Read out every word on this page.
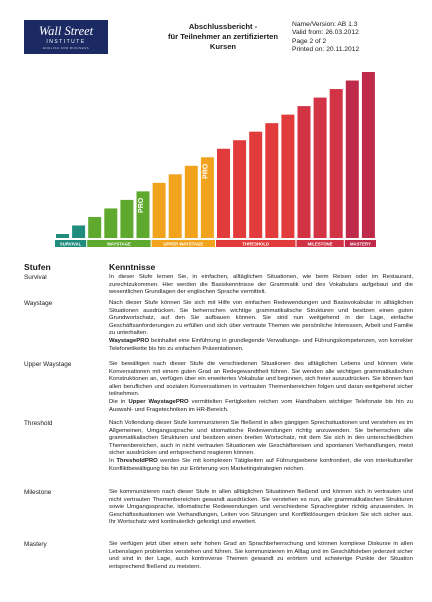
Wall Street
INSTITUTE
ENGLISH FOR BUSINESS
Abschlussbericht -
für Teilnehmer an zertifizierten Kursen
Name/Version: AB 1.3
Valid from: 26.03.2012
Page 2 of 2
Printed on: 20.11.2012
PRO
PRO
SURVIVAL	WAYSTAGE	UPPER WAYSTAGE	THRESHOLD	MILESTONE	MASTERY
Stufen	Kenntnisse
Survival	In dieser Stufe lernen Sie, in einfachen, alltäglichen Situationen, wie beim Reisen oder im Restaurant, zurechtzukommen. Hier werden die Basiskenntnisse der Grammatik und des Vokabulars aufgebaut und die wesentlichen Grundlagen der englischen Sprache vermittelt.

Waystage	Nach dieser Stufe können Sie sich mit Hilfe von einfachen Redewendungen und Basisvokabular in alltäglichen Situationen ausdrücken. Sie beherrschen wichtige grammatikalische Strukturen und besitzen einen guten Grundwortschatz, auf den Sie aufbauen können. Sie sind nun weitgehend in der Lage, einfache Geschäftsanforderungen zu erfüllen und sich über vertraute Themen wie persönliche Interessen, Arbeit und Familie zu unterhalten.

WaystagePRO beinhaltet eine Einführung in grundlegende Verwaltungs- und Führungskompetenzen, von korrekter Telefonetikette bis hin zu einfachen Präsentationen.

Upper Waystage	Sie bewältigen nach dieser Stufe die verschiedenen Situationen des alltäglichen Lebens und können viele Konversationen mit einem guten Grad an Redegewandtheit führen. Sie wenden alle wichtigen grammatikalischen Konstruktionen an, verfügen über ein erweitertes Vokabular und beginnen, sich freier auszudrücken. Sie können fast allen beruflichen und sozialen Konversationen in vertrauten Themenbereichen folgen und daran weitgehend sicher teilnehmen.

Die in Upper WaystagePRO vermittelten Fertigkeiten reichen vom Handhaben wichtiger Telefonate bis hin zu Auswahl- und Fragetechniken im HR-Bereich.

Threshold	Nach Vollendung dieser Stufe kommunizieren Sie fließend in allen gängigen Sprechsituationen und verstehen es im Allgemeinen, Umgangssprache und idiomatische Redewendungen richtig anzuwenden. Sie beherrschen alle grammatikalischen Strukturen und besitzen einen breiten Wortschatz, mit dem Sie sich in den unterschiedlichen Themenbereichen, auch in nicht vertrauten Situationen wie Geschäftsreisen und spontanen Verhandlungen, meist sicher ausdrücken und entsprechend reagieren können.

In ThresholdPRO werden Sie mit komplexen Tätigkeiten auf Führungsebene konfrontiert, die von interkultureller Konfliktbewältigung bis hin zur Erörterung von Marketingstrategien reichen.

Milestone	Sie kommunizieren nach dieser Stufe in allen alltäglichen Situationen fließend und können sich in vertrauten und nicht vertrauten Themenbereichen gewandt ausdrücken. Sie verstehen es nun, alle grammatikalischen Strukturen sowie Umgangssprache, idiomatische Redewendungen und verschiedene Sprachregister richtig anzuwenden. In Geschäftssituationen wie Verhandlungen, Leiten von Sitzungen und Konfliktlösungen drücken Sie sich sicher aus. Ihr Wortschatz wird kontinuierlich gefestigt und erweitert.

Mastery	Sie verfügen jetzt über einen sehr hohen Grad an Sprachbeherrschung und können komplexe Diskurse in allen Lebenslagen problemlos verstehen und führen. Sie kommunizieren im Alltag und im Geschäftsleben jederzeit sicher und sind in der Lage, auch kontroverse Themen gewandt zu erörtern und schwierige Punkte der Situation entsprechend fließend zu meistern.
